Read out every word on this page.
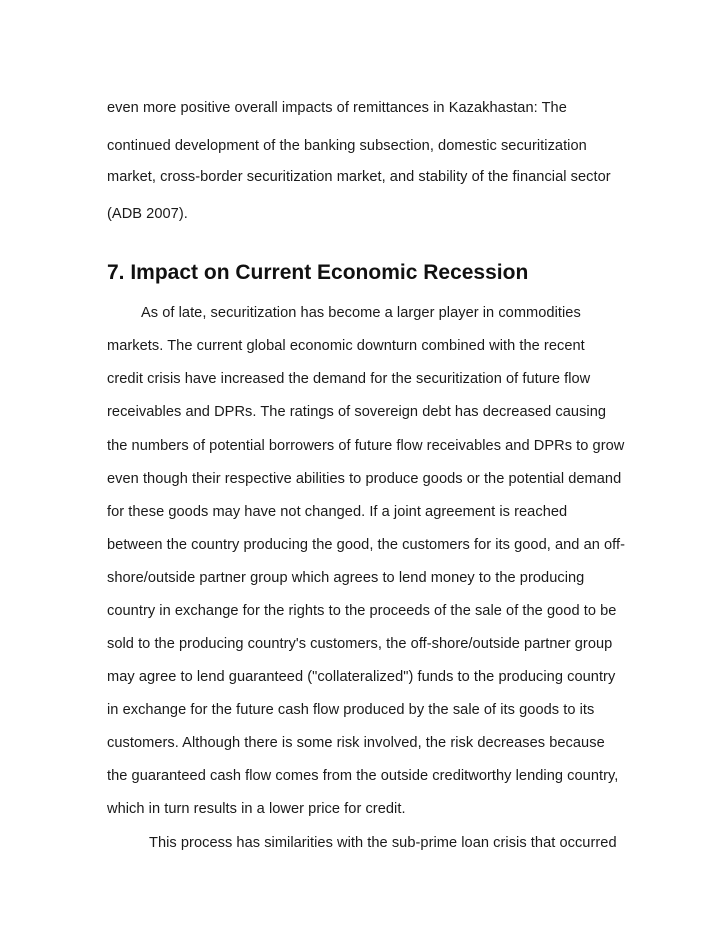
even more positive overall impacts of remittances in Kazakhastan: The
continued development of the banking subsection, domestic securitization
market, cross-border securitization market, and stability of the financial sector
(ADB 2007).
7. Impact on Current Economic Recession
As of late, securitization has become a larger player in commodities
markets. The current global economic downturn combined with the recent
credit crisis have increased the demand for the securitization of future flow
receivables and DPRs. The ratings of sovereign debt has decreased causing
the numbers of potential borrowers of future flow receivables and DPRs to grow
even though their respective abilities to produce goods or the potential demand
for these goods may have not changed. If a joint agreement is reached
between the country producing the good, the customers for its good, and an off-
shore/outside partner group which agrees to lend money to the producing
country in exchange for the rights to the proceeds of the sale of the good to be
sold to the producing country's customers, the off-shore/outside partner group
may agree to lend guaranteed ("collateralized") funds to the producing country
in exchange for the future cash flow produced by the sale of its goods to its
customers. Although there is some risk involved, the risk decreases because
the guaranteed cash flow comes from the outside creditworthy lending country,
which in turn results in a lower price for credit.
This process has similarities with the sub-prime loan crisis that occurred
